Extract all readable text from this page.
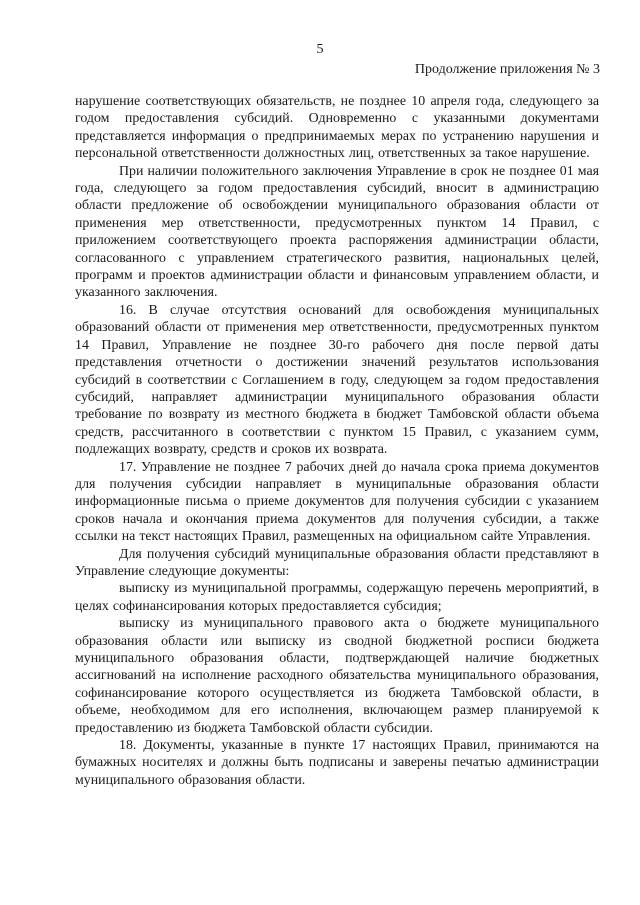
5
Продолжение приложения № 3

нарушение соответствующих обязательств, не позднее 10 апреля года, следующего за годом предоставления субсидий. Одновременно с указанными документами представляется информация о предпринимаемых мерах по устранению нарушения и персональной ответственности должностных лиц, ответственных за такое нарушение.

При наличии положительного заключения Управление в срок не позднее 01 мая года, следующего за годом предоставления субсидий, вносит в администрацию области предложение об освобождении муниципального образования области от применения мер ответственности, предусмотренных пунктом 14 Правил, с приложением соответствующего проекта распоряжения администрации области, согласованного с управлением стратегического развития, национальных целей, программ и проектов администрации области и финансовым управлением области, и указанного заключения.

16. В случае отсутствия оснований для освобождения муниципальных образований области от применения мер ответственности, предусмотренных пунктом 14 Правил, Управление не позднее 30-го рабочего дня после первой даты представления отчетности о достижении значений результатов использования субсидий в соответствии с Соглашением в году, следующем за годом предоставления субсидий, направляет администрации муниципального образования области требование по возврату из местного бюджета в бюджет Тамбовской области объема средств, рассчитанного в соответствии с пунктом 15 Правил, с указанием сумм, подлежащих возврату, средств и сроков их возврата.

17. Управление не позднее 7 рабочих дней до начала срока приема документов для получения субсидии направляет в муниципальные образования области информационные письма о приеме документов для получения субсидии с указанием сроков начала и окончания приема документов для получения субсидии, а также ссылки на текст настоящих Правил, размещенных на официальном сайте Управления.

Для получения субсидий муниципальные образования области представляют в Управление следующие документы:

выписку из муниципальной программы, содержащую перечень мероприятий, в целях софинансирования которых предоставляется субсидия;

выписку из муниципального правового акта о бюджете муниципального образования области или выписку из сводной бюджетной росписи бюджета муниципального образования области, подтверждающей наличие бюджетных ассигнований на исполнение расходного обязательства муниципального образования, софинансирование которого осуществляется из бюджета Тамбовской области, в объеме, необходимом для его исполнения, включающем размер планируемой к предоставлению из бюджета Тамбовской области субсидии.

18. Документы, указанные в пункте 17 настоящих Правил, принимаются на бумажных носителях и должны быть подписаны и заверены печатью администрации муниципального образования области.
